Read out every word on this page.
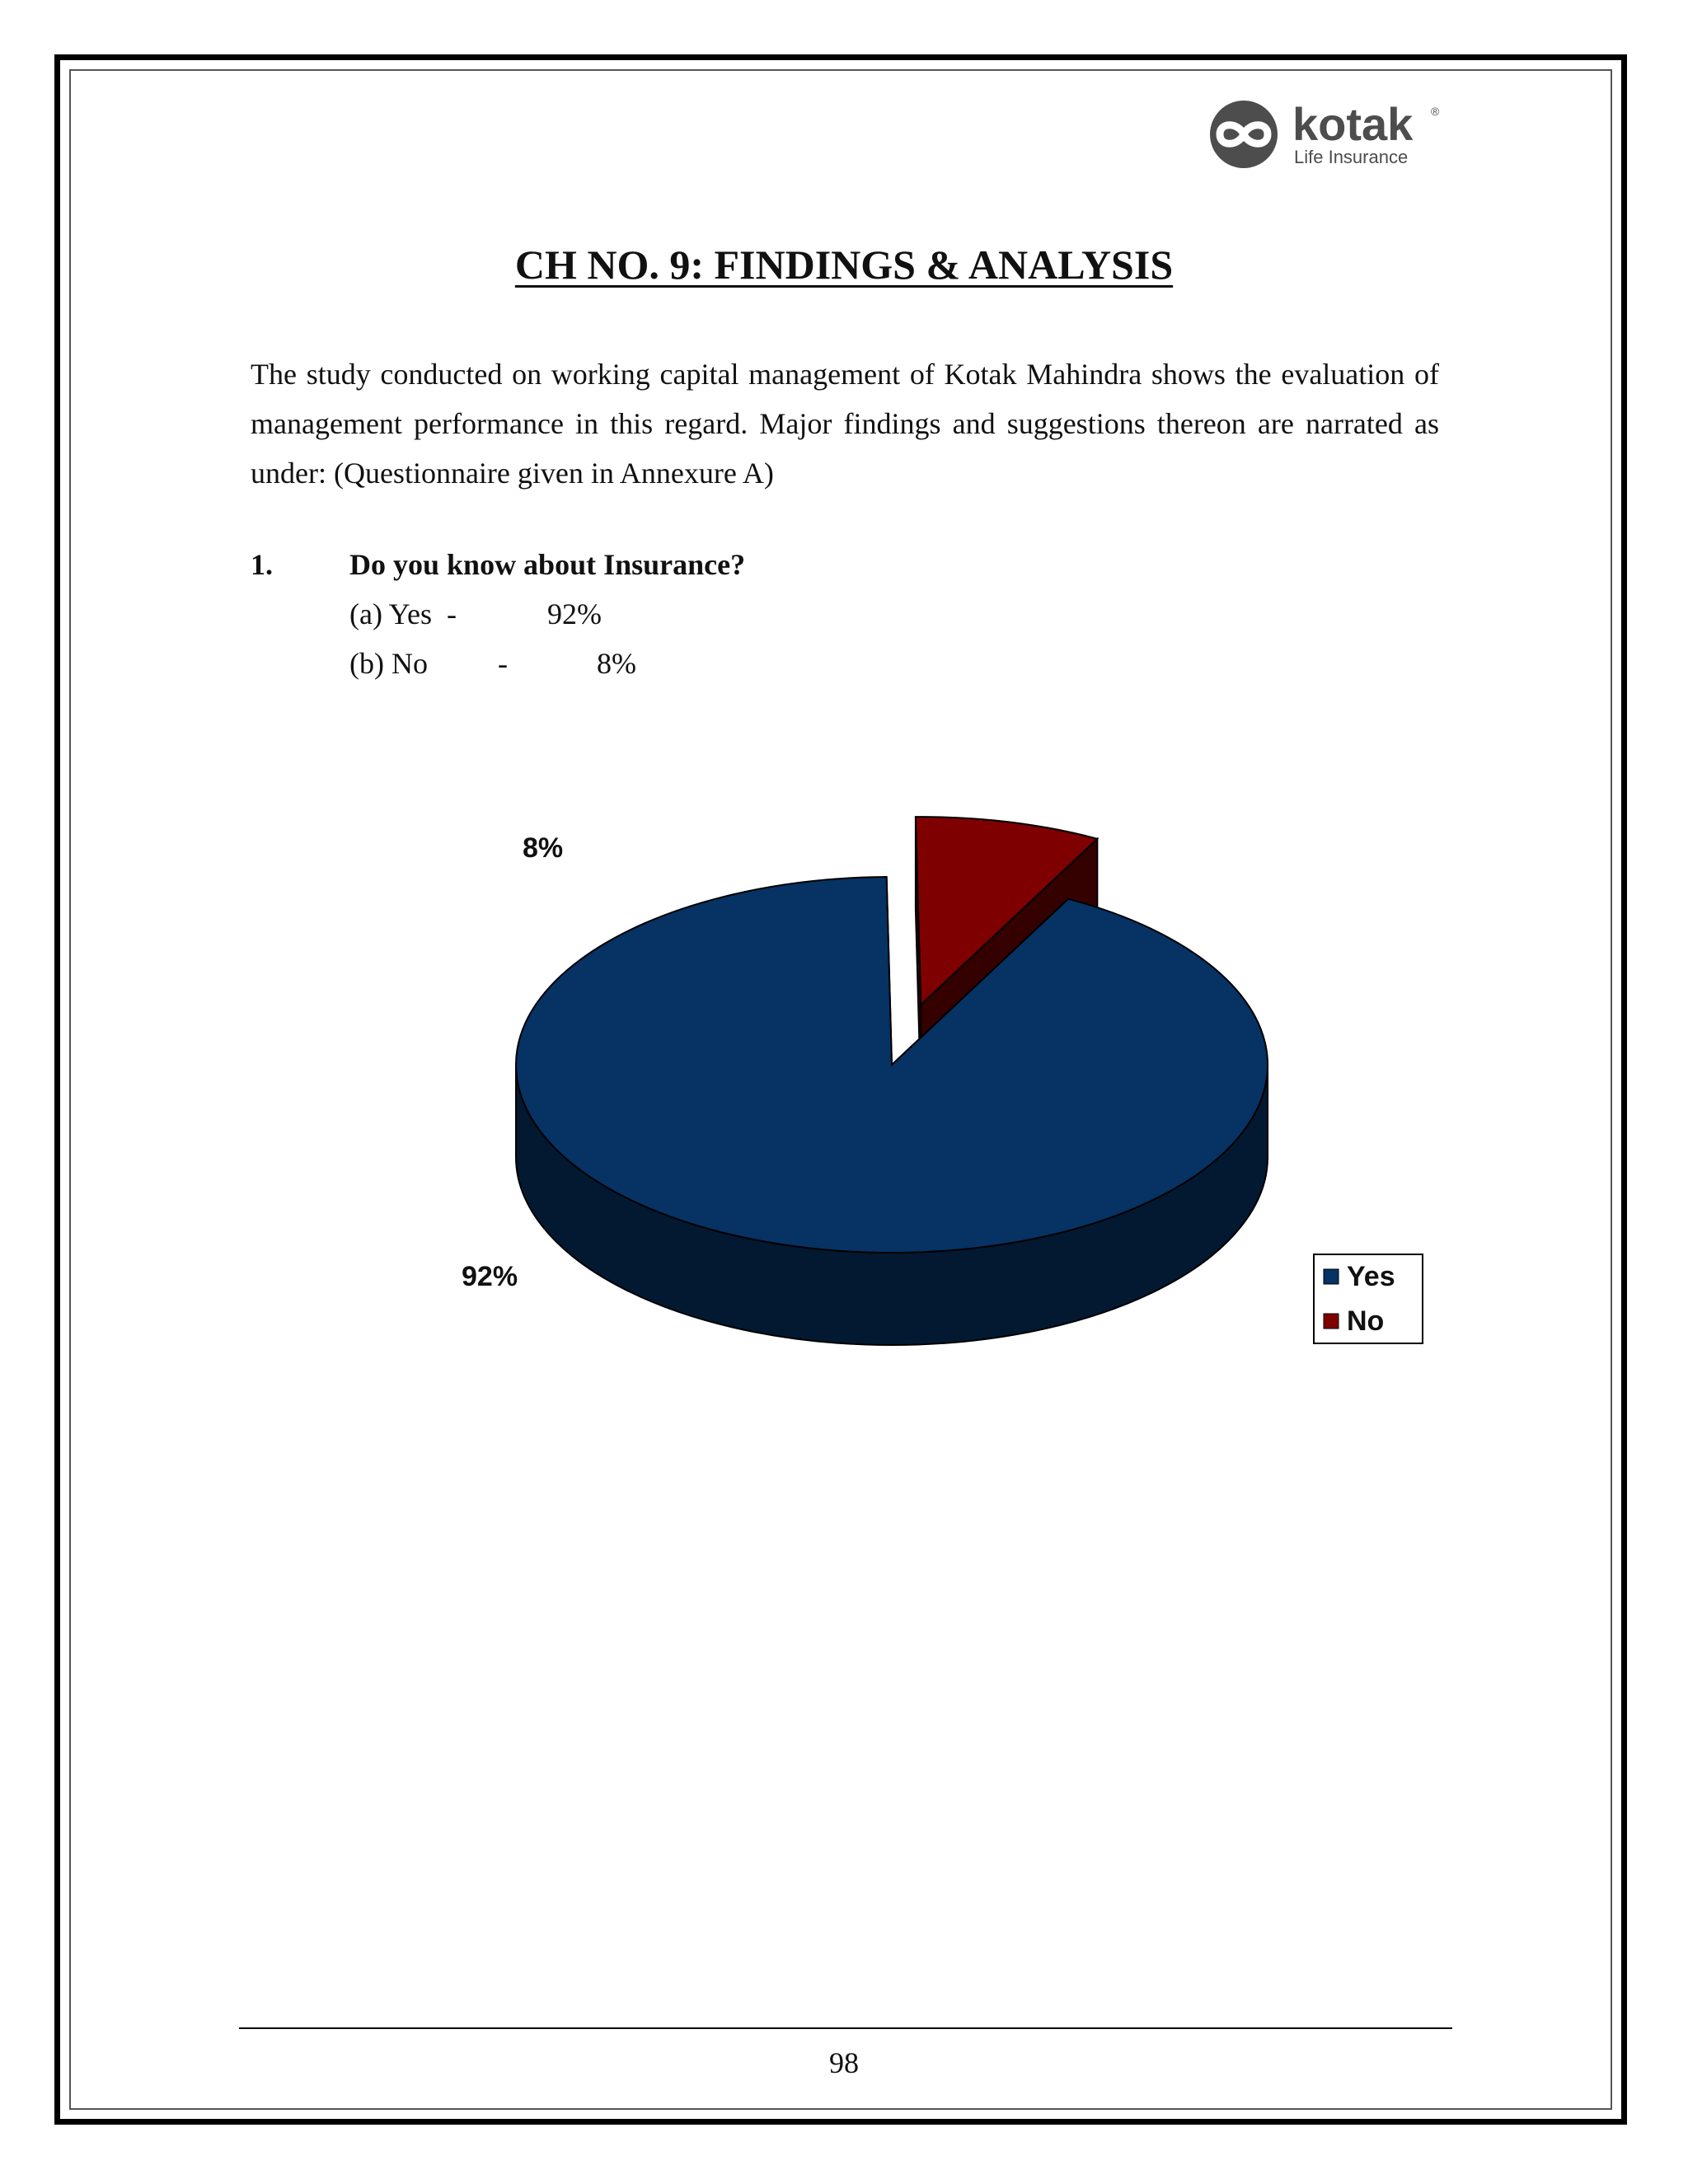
kotak ®
Life Insurance
CH NO. 9: FINDINGS & ANALYSIS

The study conducted on working capital management of Kotak Mahindra shows the evaluation of management performance in this regard. Major findings and suggestions thereon are narrated as under: (Questionnaire given in Annexure A)

1.	Do you know about Insurance?
(a) Yes -	92%
(b) No -	8%
92%
8%
Yes
No
98
